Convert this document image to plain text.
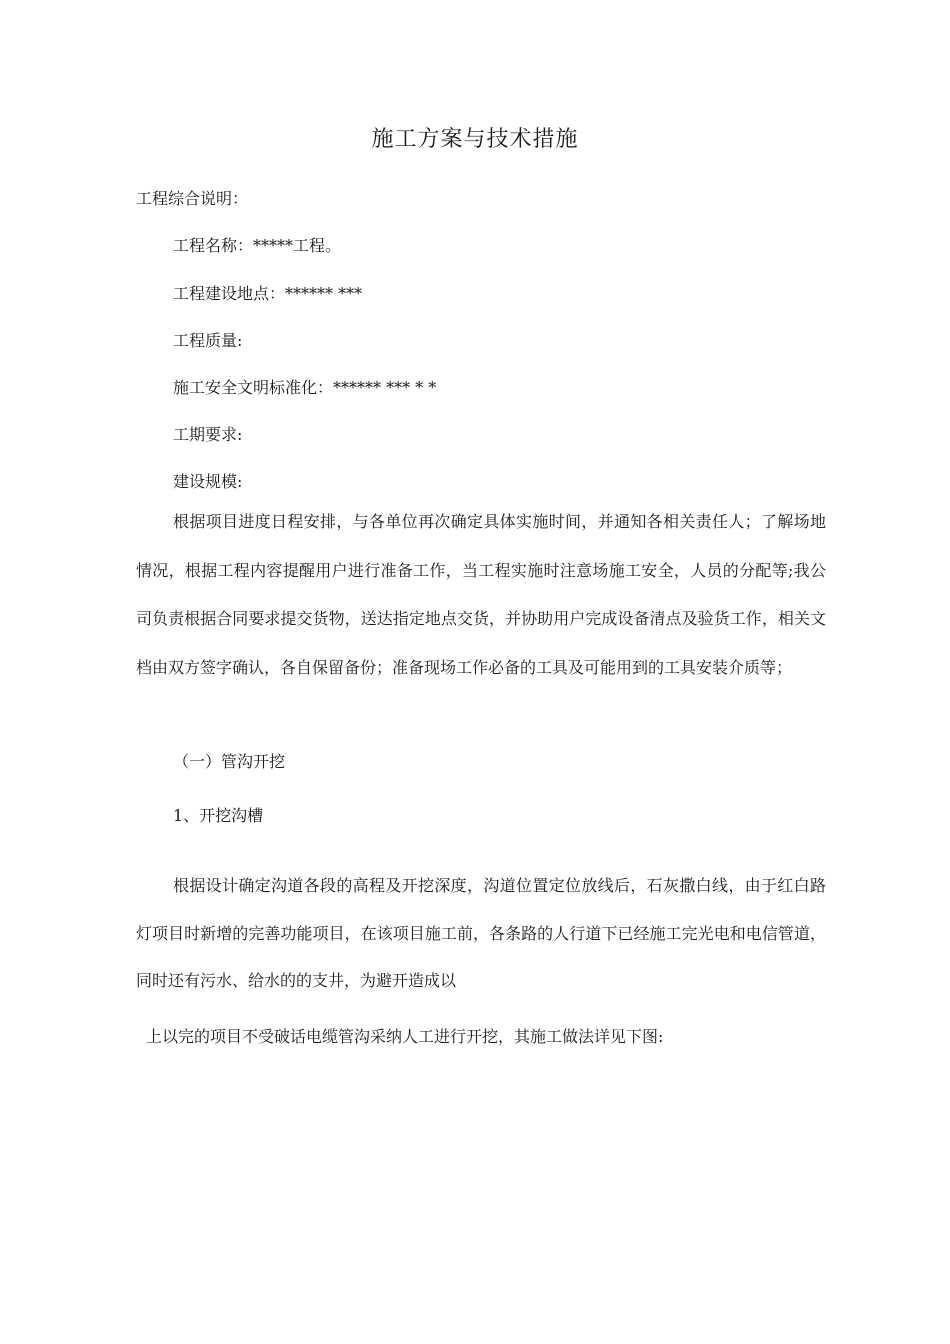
施工方案与技术措施
工程综合说明：
工程名称：*****工程。
工程建设地点：****** ***
工程质量:
施工安全文明标准化：****** *** * *
工期要求:
建设规模:
根据项目进度日程安排，与各单位再次确定具体实施时间，并通知各相关责任人；了解场地情况，根据工程内容提醒用户进行准备工作，当工程实施时注意场施工安全，人员的分配等;我公司负责根据合同要求提交货物，送达指定地点交货，并协助用户完成设备清点及验货工作，相关文档由双方签字确认，各自保留备份；准备现场工作必备的工具及可能用到的工具安装介质等；
（一）管沟开挖
1、开挖沟槽
根据设计确定沟道各段的高程及开挖深度，沟道位置定位放线后，石灰撒白线，由于红白路灯项目时新增的完善功能项目，在该项目施工前，各条路的人行道下已经施工完光电和电信管道，同时还有污水、给水的的支井，为避开造成以
上以完的项目不受破话电缆管沟采纳人工进行开挖，其施工做法详见下图:
